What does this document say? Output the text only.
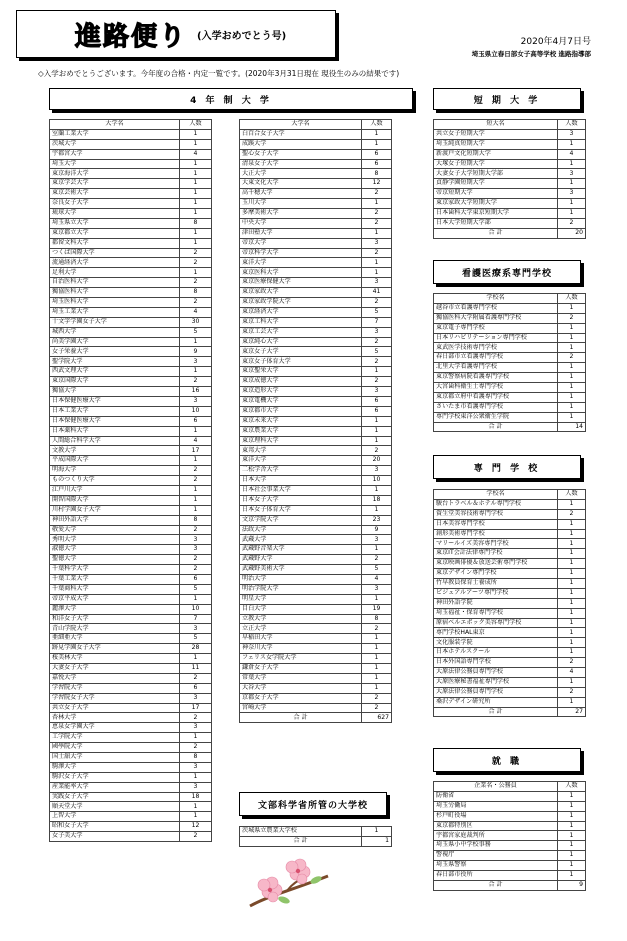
進路便り (入学おめでとう号)
2020年4月7日号
埼玉県立春日部女子高等学校 進路指導部
◇入学おめでとうございます。今年度の合格・内定一覧です。(2020年3月31日現在 現役生のみの結果です)
4 年 制 大 学
大学名	人数
室蘭工業大学	1
茨城大学	1
宇都宮大学	4
埼玉大学	1
東京海洋大学	1
東京学芸大学	1
東京芸術大学	1
奈良女子大学	1
琉球大学	1
埼玉県立大学	8
東京都立大学	1
都留文科大学	1
つくば国際大学	2
流通経済大学	2
足利大学	1
自治医科大学	2
獨協医科大学	8
埼玉医科大学	2
埼玉工業大学	4
十文字学園女子大学	30
城西大学	5
尚美学園大学	1
女子栄養大学	9
聖学院大学	3
西武文理大学	1
東京国際大学	2
獨協大学	16
日本保健医療大学	3
日本工業大学	10
日本保健医療大学	6
日本薬科大学	1
人間総合科学大学	4
文教大学	17
平成国際大学	1
明海大学	2
ものつくり大学	2
江戸川大学	1
開智国際大学	1
川村学園女子大学	1
神田外語大学	8
敬愛大学	2
秀明大学	3
淑徳大学	3
聖徳大学	2
千葉科学大学	2
千葉工業大学	6
千葉商科大学	5
帝京平成大学	1
麗澤大学	10
和洋女子大学	7
青山学院大学	3
亜細亜大学	5
跡見学園女子大学	28
桜美林大学	1
大妻女子大学	11
嘉悦大学	2
学習院大学	6
学習院女子大学	3
共立女子大学	17
杏林大学	2
恵泉女学園大学	3
工学院大学	1
國學院大学	2
国士舘大学	8
駒澤大学	3
駒沢女子大学	1
産業能率大学	3
実践女子大学	18
順天堂大学	1
上智大学	1
昭和女子大学	12
女子美大学	2
大学名	人数
白百合女子大学	1
成蹊大学	1
聖心女子大学	6
清泉女子大学	6
大正大学	8
大東文化大学	12
高千穂大学	2
玉川大学	1
多摩美術大学	2
中央大学	2
津田塾大学	1
帝京大学	3
帝京科学大学	2
東洋大学	1
東京医科大学	1
東京医療保健大学	3
東京家政大学	41
東京家政学院大学	2
東京経済大学	5
東京工科大学	7
東京工芸大学	3
東京純心大学	2
東京女子大学	5
東京女子体育大学	2
東京聖栄大学	1
東京成徳大学	2
東京造形大学	3
東京電機大学	6
東京都市大学	6
東京未来大学	1
東京農業大学	1
東京理科大学	1
東邦大学	2
東洋大学	20
二松学舎大学	3
日本大学	10
日本社会事業大学	1
日本女子大学	18
日本女子体育大学	1
文京学院大学	23
法政大学	9
武蔵大学	3
武蔵野音楽大学	1
武蔵野大学	2
武蔵野美術大学	5
明治大学	4
明治学院大学	3
明星大学	1
目白大学	19
立教大学	8
立正大学	2
早稲田大学	1
神奈川大学	1
フェリス女学院大学	1
鎌倉女子大学	1
常葉大学	1
大谷大学	1
京都女子大学	2
宮崎大学	2
合 計	627
文部科学省所管の大学校
茨城県立農業大学校	1
合 計	1
短 期 大 学
短大名	人数
共立女子短期大学	3
埼玉純真短期大学	1
新渡戸文化短期大学	4
大塚女子短期大学	1
大妻女子大学短期大学部	3
貞静学園短期大学	1
帝京短期大学	3
東京家政大学短期大学	1
日本歯科大学東京短期大学	1
日本大学短期大学部	2
合 計	20
看護医療系専門学校
学校名	人数
越谷市立看護専門学校	1
獨協医科大学附属看護専門学校	2
東京電子専門学校	1
日本リハビリテーション専門学校	1
東武医学技術専門学校	1
春日部市立看護専門学校	2
北里大学看護専門学校	1
東京警察病院看護専門学校	1
大宮歯科衛生士専門学校	1
東京都立府中看護専門学校	1
さいたま市看護専門学校	1
専門学校東洋公衆衛生学院	1
合 計	14
専 門 学 校
学校名	人数
駿台トラベル＆ホテル専門学校	1
資生堂美容技術専門学校	2
日本美容専門学校	1
創形美術専門学校	1
マリールイズ美容専門学校	1
東京IT会計法律専門学校	1
東京映画俳優＆放送芸術専門学校	1
東京デザイン専門学校	1
竹早教員保育士養成所	1
ビジュアルアーツ専門学校	1
神田外語学院	1
埼玉福祉・保育専門学校	1
原宿ベルエポック美容専門学校	1
専門学校HAL東京	1
文化服装学院	1
日本ホテルスクール	1
日本外国語専門学校	2
大原法律公務員専門学校	4
大原医療秘書福祉専門学校	1
大原法律公務員専門学校	2
桑沢デザイン研究所	1
合 計	27
就 職
企業名・公務員	人数
防衛省	1
埼玉労働局	1
杉戸町役場	1
東京都特別区	1
宇都宮家庭裁判所	1
埼玉県小中学校事務	1
警視庁	1
埼玉県警察	1
春日部市役所	1
合 計	9
